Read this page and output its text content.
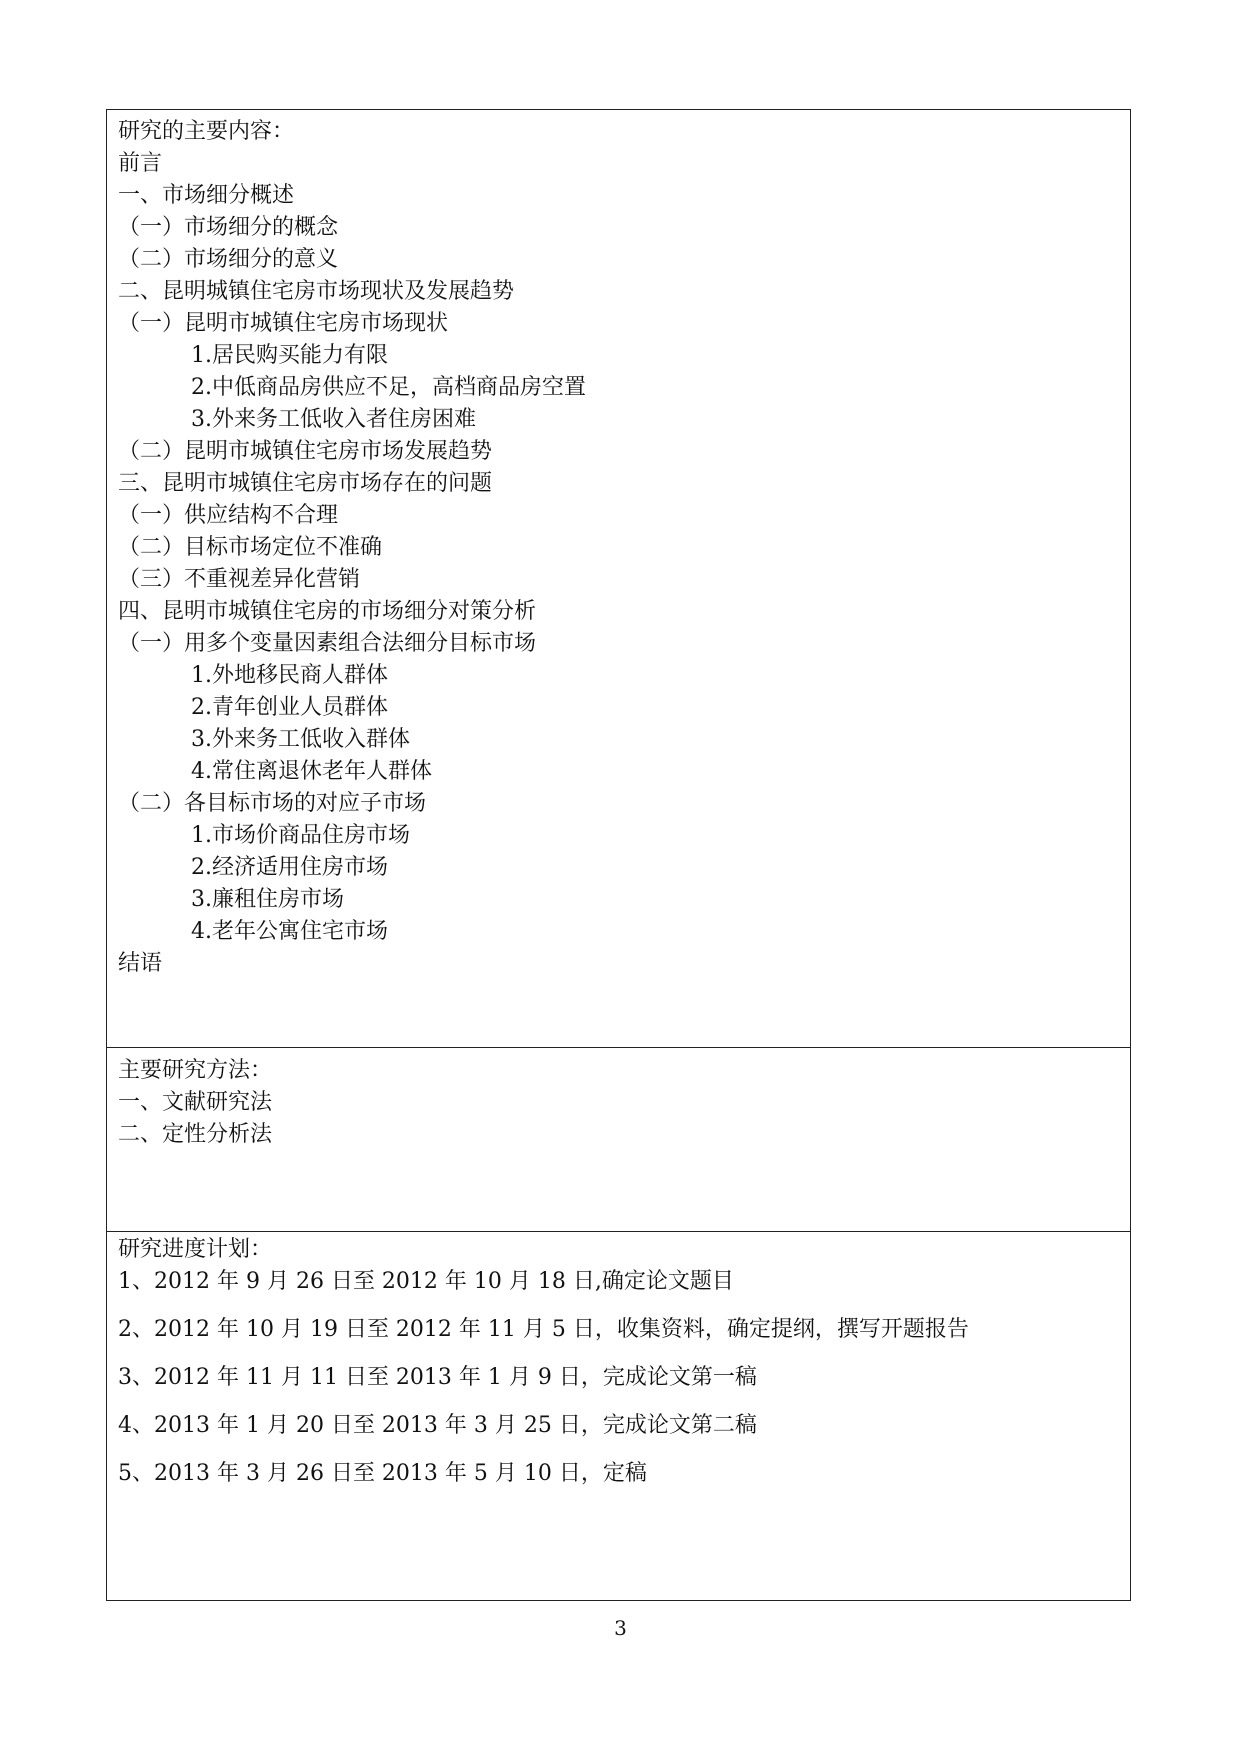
研究的主要内容：
前言
一、市场细分概述
（一）市场细分的概念
（二）市场细分的意义
二、昆明城镇住宅房市场现状及发展趋势
（一）昆明市城镇住宅房市场现状
1.居民购买能力有限
2.中低商品房供应不足，高档商品房空置
3.外来务工低收入者住房困难
（二）昆明市城镇住宅房市场发展趋势
三、昆明市城镇住宅房市场存在的问题
（一）供应结构不合理
（二）目标市场定位不准确
（三）不重视差异化营销
四、昆明市城镇住宅房的市场细分对策分析
（一）用多个变量因素组合法细分目标市场
1.外地移民商人群体
2.青年创业人员群体
3.外来务工低收入群体
4.常住离退休老年人群体
（二）各目标市场的对应子市场
1.市场价商品住房市场
2.经济适用住房市场
3.廉租住房市场
4.老年公寓住宅市场
结语
主要研究方法：
一、文献研究法
二、定性分析法
研究进度计划：
1、2012 年 9 月 26 日至 2012 年 10 月 18 日,确定论文题目
2、2012 年 10 月 19 日至 2012 年 11 月 5 日，收集资料，确定提纲，撰写开题报告
3、2012 年 11 月 11 日至 2013 年 1 月 9 日，完成论文第一稿
4、2013 年 1 月 20 日至 2013 年 3 月 25 日，完成论文第二稿
5、2013 年 3 月 26 日至 2013 年 5 月 10 日，定稿
3
